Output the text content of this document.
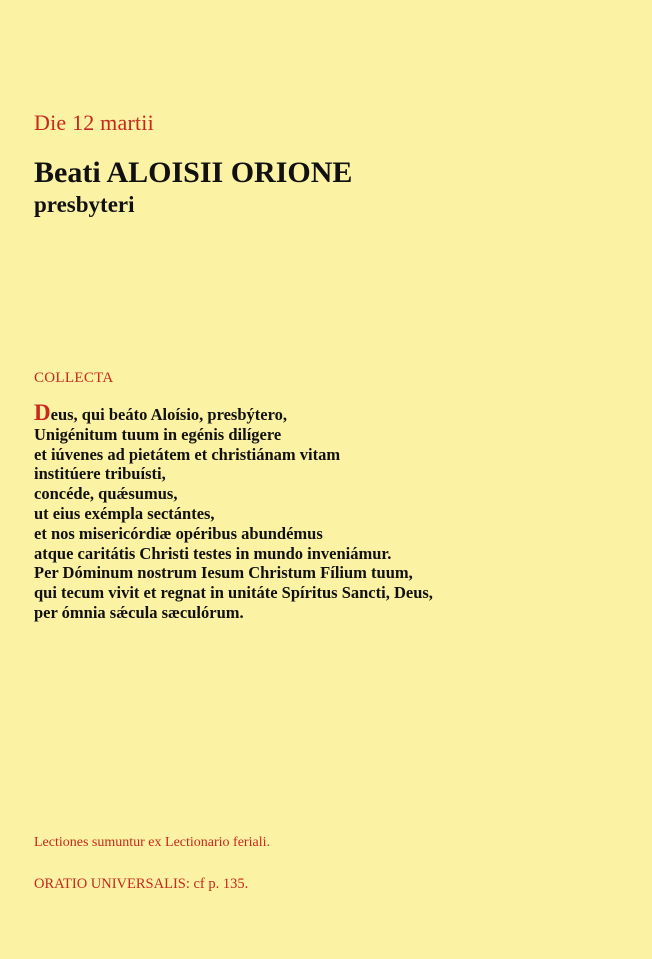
Die 12 martii
Beati ALOISII ORIONE
presbyteri
COLLECTA
Deus, qui beáto Aloísio, presbýtero,
Unigénitum tuum in egénis dilígere
et iúvenes ad pietátem et christiánam vitam
institúere tribuísti,
concéde, quǽsumus,
ut eius exémpla sectántes,
et nos misericórdiæ opéribus abundémus
atque caritátis Christi testes in mundo inveniámur.
Per Dóminum nostrum Iesum Christum Fílium tuum,
qui tecum vivit et regnat in unitáte Spíritus Sancti, Deus,
per ómnia sǽcula sæculórum.
Lectiones sumuntur ex Lectionario feriali.
ORATIO UNIVERSALIS: cf p. 135.
